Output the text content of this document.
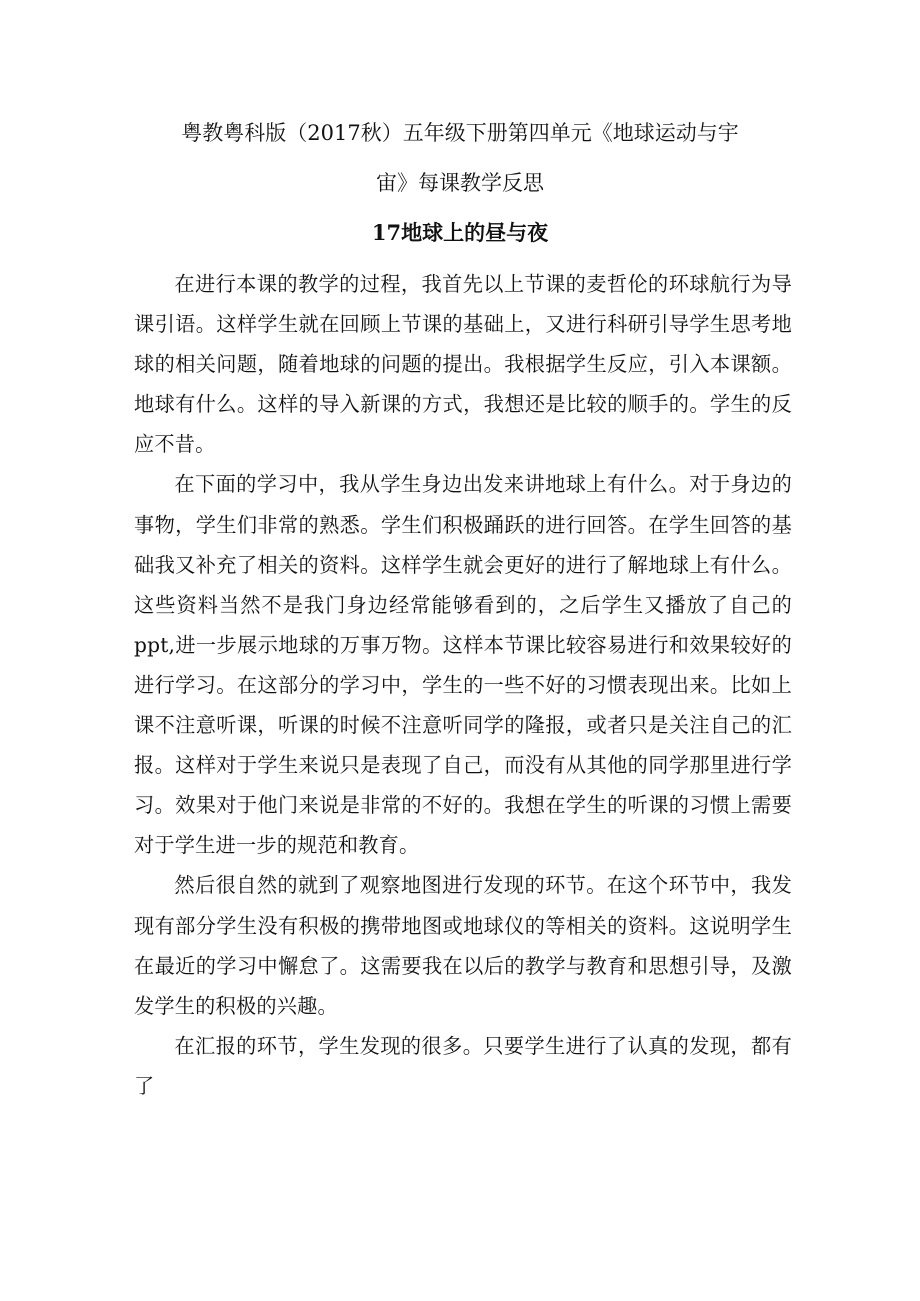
粤教粤科版（2017秋）五年级下册第四单元《地球运动与宇
宙》每课教学反思
17地球上的昼与夜

在进行本课的教学的过程，我首先以上节课的麦哲伦的环球航行为导课引语。这样学生就在回顾上节课的基础上，又进行科研引导学生思考地球的相关问题，随着地球的问题的提出。我根据学生反应，引入本课额。地球有什么。这样的导入新课的方式，我想还是比较的顺手的。学生的反应不昔。

在下面的学习中，我从学生身边出发来讲地球上有什么。对于身边的事物，学生们非常的熟悉。学生们积极踊跃的进行回答。在学生回答的基础我又补充了相关的资料。这样学生就会更好的进行了解地球上有什么。这些资料当然不是我门身边经常能够看到的，之后学生又播放了自己的ppt,进一步展示地球的万事万物。这样本节课比较容易进行和效果较好的进行学习。在这部分的学习中，学生的一些不好的习惯表现出来。比如上课不注意听课，听课的时候不注意听同学的隆报，或者只是关注自己的汇报。这样对于学生来说只是表现了自己，而没有从其他的同学那里进行学习。效果对于他门来说是非常的不好的。我想在学生的听课的习惯上需要对于学生进一步的规范和教育。

然后很自然的就到了观察地图进行发现的环节。在这个环节中，我发现有部分学生没有积极的携带地图或地球仪的等相关的资料。这说明学生在最近的学习中懈怠了。这需要我在以后的教学与教育和思想引导，及激发学生的积极的兴趣。

在汇报的环节，学生发现的很多。只要学生进行了认真的发现，都有了
